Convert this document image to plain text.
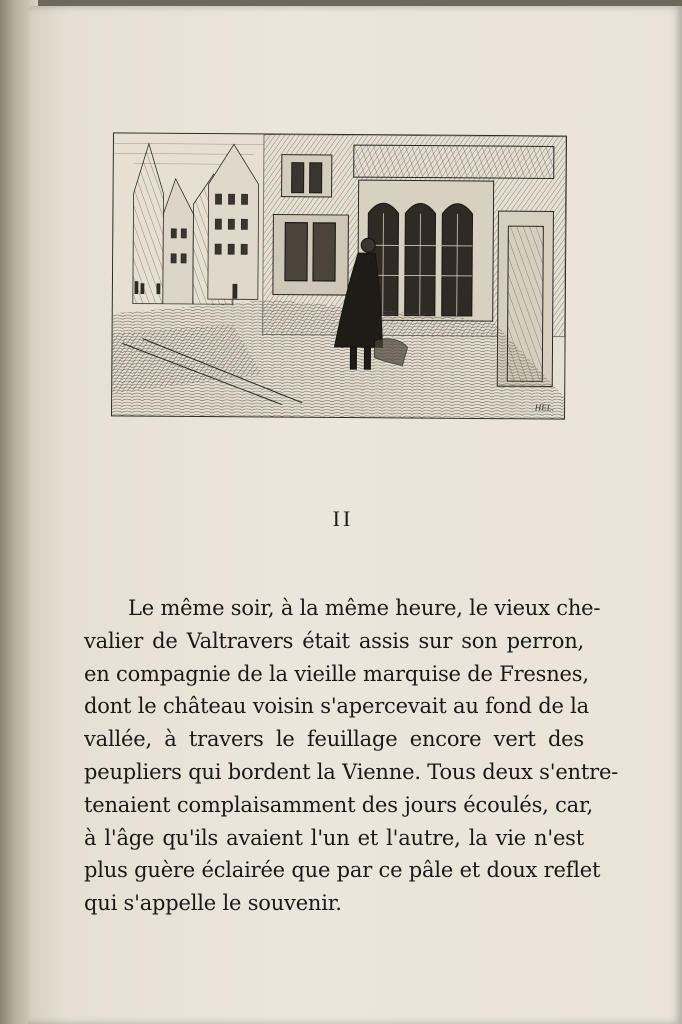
HEL.
II
Le même soir, à la même heure, le vieux che-
valier de Valtravers était assis sur son perron,
en compagnie de la vieille marquise de Fresnes,
dont le château voisin s'apercevait au fond de la
vallée, à travers le feuillage encore vert des
peupliers qui bordent la Vienne. Tous deux s'entre-
tenaient complaisamment des jours écoulés, car,
à l'âge qu'ils avaient l'un et l'autre, la vie n'est
plus guère éclairée que par ce pâle et doux reflet
qui s'appelle le souvenir.
